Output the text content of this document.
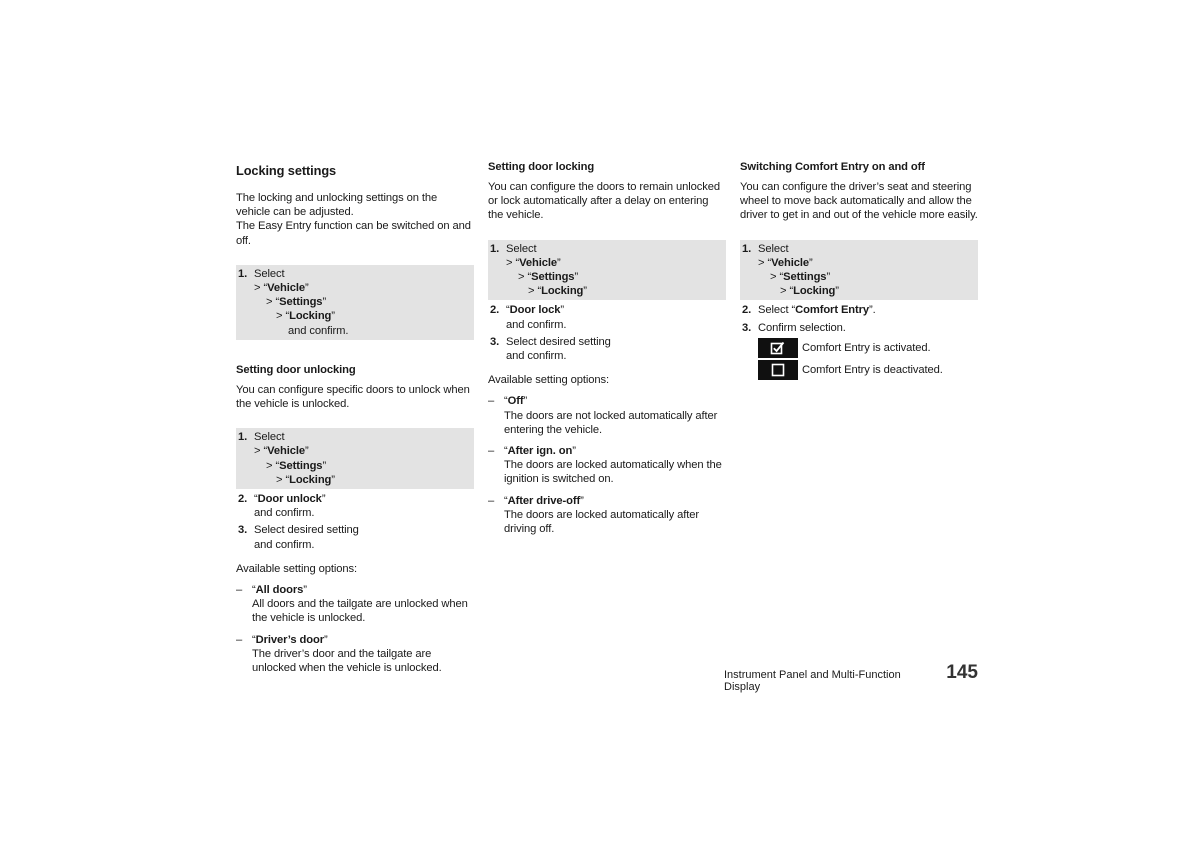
Locking settings

The locking and unlocking settings on the vehicle can be adjusted.

The Easy Entry function can be switched on and off.

1. Select
> “Vehicle”
> “Settings”
> “Locking”
and confirm.
Setting door unlocking

You can configure specific doors to unlock when the vehicle is unlocked.

1. Select
> “Vehicle”
> “Settings”
> “Locking”
2. “Door unlock”
and confirm.
3. Select desired setting
and confirm.

Available setting options:

– “All doors”
All doors and the tailgate are unlocked when the vehicle is unlocked.
– “Driver’s door”
The driver’s door and the tailgate are unlocked when the vehicle is unlocked.
Setting door locking

You can configure the doors to remain unlocked or lock automatically after a delay on entering the vehicle.

1. Select
> “Vehicle”
> “Settings”
> “Locking”
2. “Door lock”
and confirm.
3. Select desired setting
and confirm.

Available setting options:

– “Off”
The doors are not locked automatically after entering the vehicle.
– “After ign. on”
The doors are locked automatically when the ignition is switched on.
– “After drive-off”
The doors are locked automatically after driving off.
Switching Comfort Entry on and off

You can configure the driver’s seat and steering wheel to move back automatically and allow the driver to get in and out of the vehicle more easily.

1. Select
> “Vehicle”
> “Settings”
> “Locking”
2. Select “Comfort Entry”.
3. Confirm selection.
Comfort Entry is activated.
Comfort Entry is deactivated.
Instrument Panel and Multi-Function Display
145
